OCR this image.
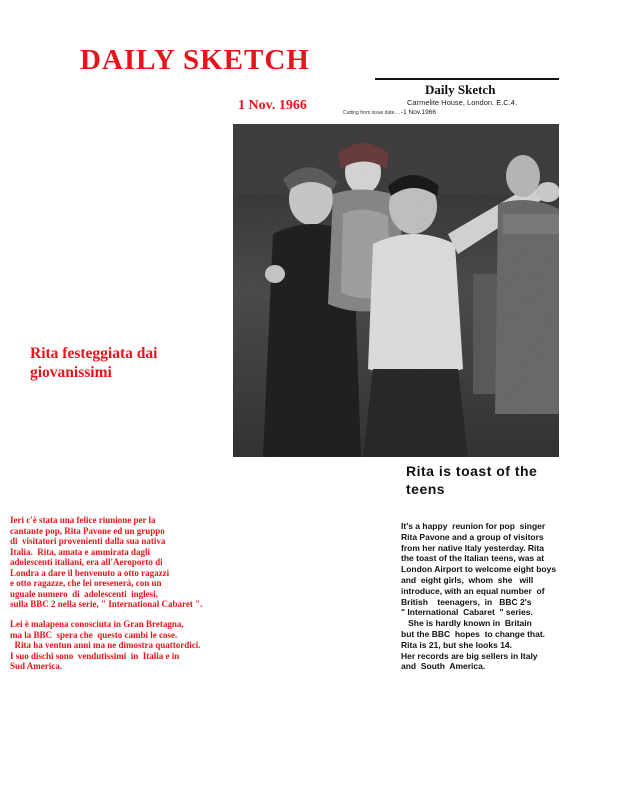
DAILY SKETCH
1 Nov. 1966
Daily Sketch
Carmelite House, London. E.C.4.
Cutting from issue date.... -1 Nov.1966
Rita festeggiata dai giovanissimi
Rita is toast of the teens
Ieri c'è stata una felice riunione per la
cantante pop, Rita Pavone ed un gruppo
di  visitatori provenienti dalla sua nativa
Italia.  Rita, amata e ammirata dagli
adolescenti italiani, era all'Aeroporto di
Londra a dare il benvenuto a otto ragazzi
e otto ragazze, che lei oresenerà, con un
uguale numero  di  adolescenti  inglesi,
sulla BBC 2 nella serie, " International Cabaret ".
Lei è malapena conosciuta in Gran Bretagna,
ma la BBC  spera che  questo cambi le cose.
Rita ha ventun anni ma ne dimostra quattordici.
I suo dischi sono  vendutissimi  in  Italia e in
Sud America.
It's a happy  reunion for pop  singer
Rita Pavone and a group of visitors
from her native Italy yesterday. Rita
the toast of the Italian teens, was at
London Airport to welcome eight boys
and  eight girls,  whom  she   will
introduce, with an equal number  of
British    teenagers,  in   BBC 2's
" International  Cabaret  " series.
She is hardly known in  Britain
but the BBC  hopes  to change that.
Rita is 21, but she looks 14.
Her records are big sellers in Italy
and  South  America.
